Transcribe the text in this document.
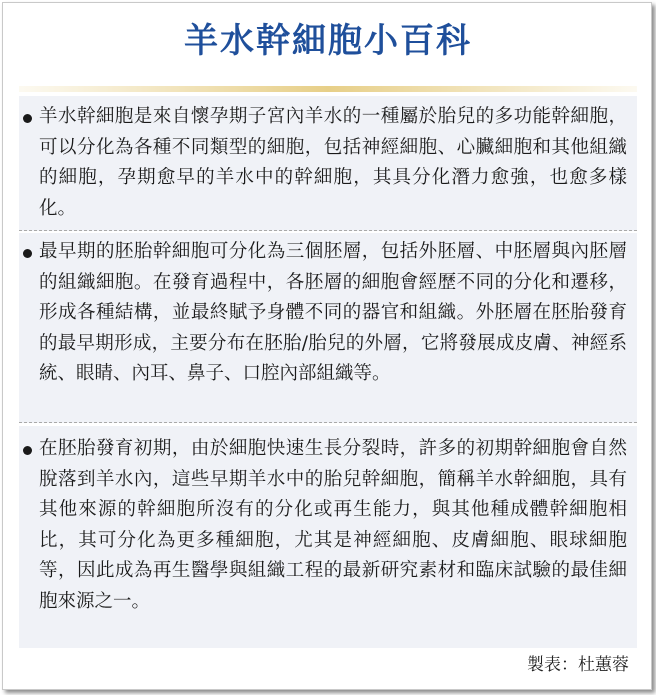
羊水幹細胞小百科

羊水幹細胞是來自懷孕期子宮內羊水的一種屬於胎兒的多功能幹細胞，可以分化為各種不同類型的細胞，包括神經細胞、心臟細胞和其他組織的細胞，孕期愈早的羊水中的幹細胞，其具分化潛力愈強，也愈多樣化。

最早期的胚胎幹細胞可分化為三個胚層，包括外胚層、中胚層與內胚層的組織細胞。在發育過程中，各胚層的細胞會經歷不同的分化和遷移，形成各種結構，並最終賦予身體不同的器官和組織。外胚層在胚胎發育的最早期形成，主要分布在胚胎/胎兒的外層，它將發展成皮膚、神經系統、眼睛、內耳、鼻子、口腔內部組織等。

在胚胎發育初期，由於細胞快速生長分裂時，許多的初期幹細胞會自然脫落到羊水內，這些早期羊水中的胎兒幹細胞，簡稱羊水幹細胞，具有其他來源的幹細胞所沒有的分化或再生能力，與其他種成體幹細胞相比，其可分化為更多種細胞，尤其是神經細胞、皮膚細胞、眼球細胞等，因此成為再生醫學與組織工程的最新研究素材和臨床試驗的最佳細胞來源之一。

製表：杜蕙蓉
